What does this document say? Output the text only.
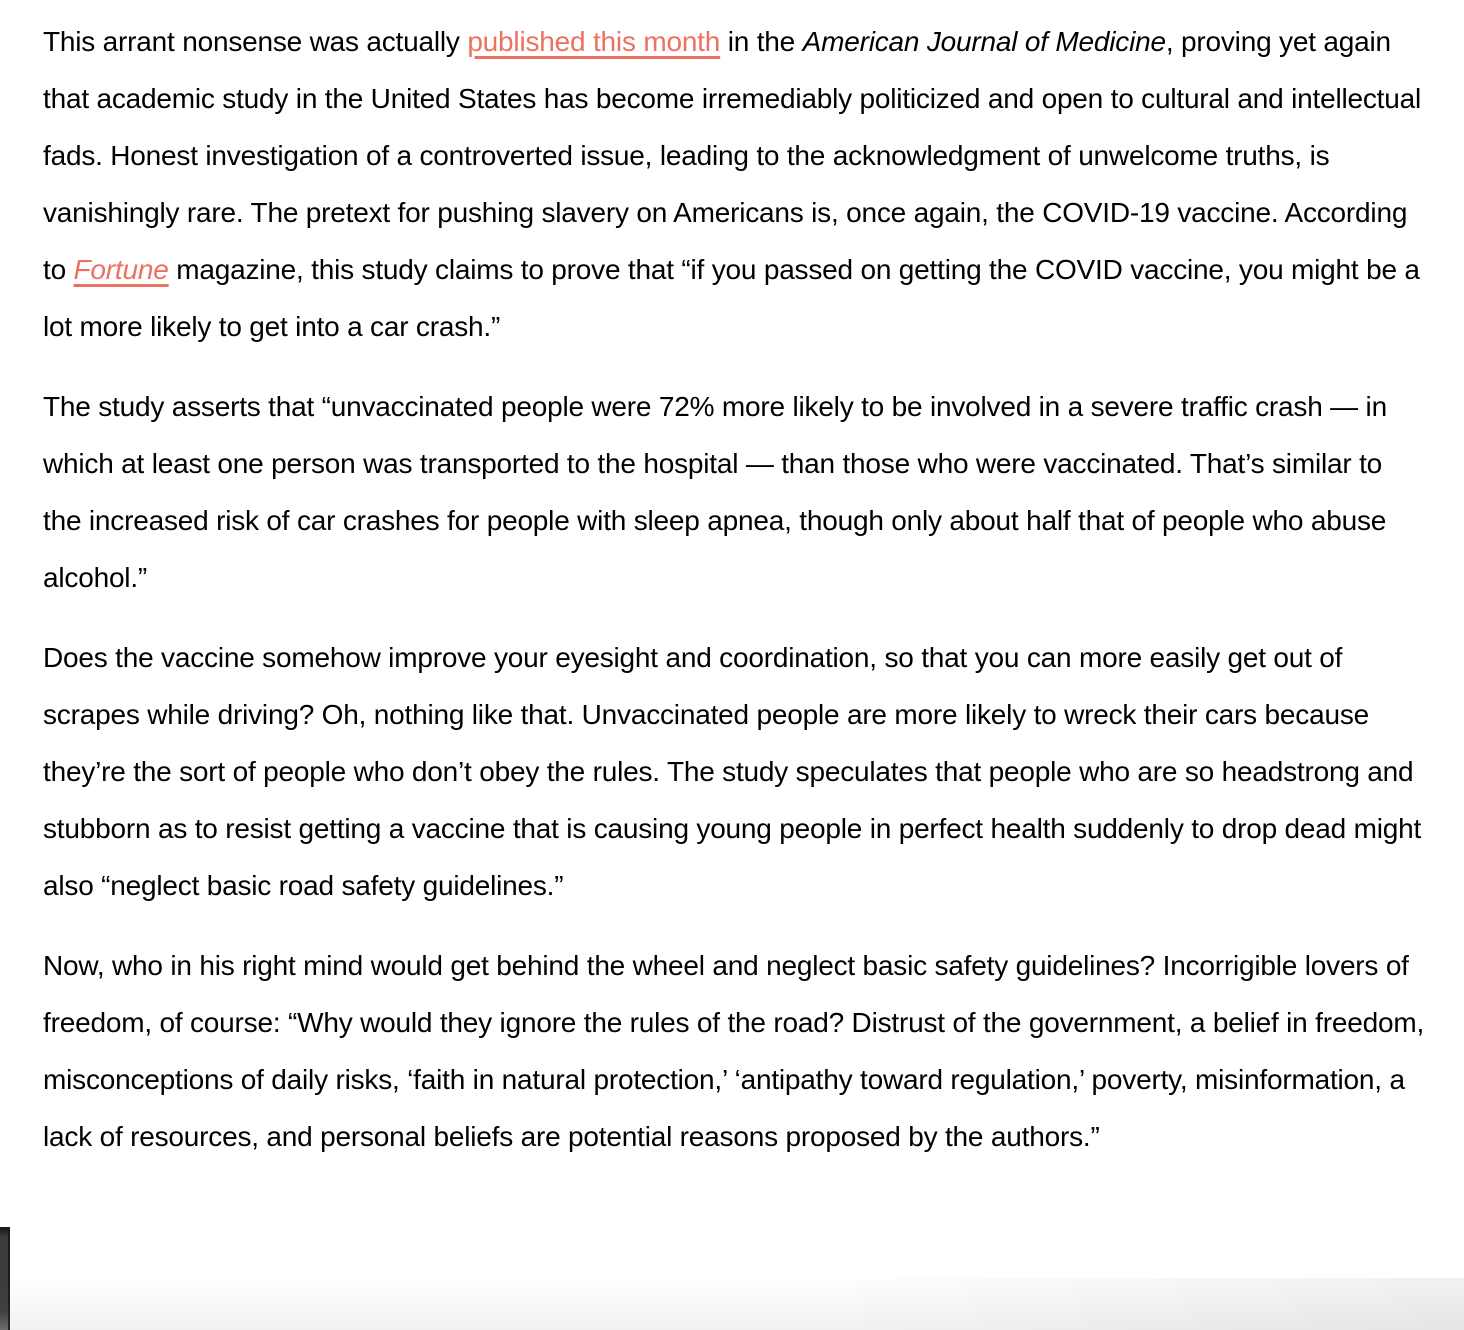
This arrant nonsense was actually published this month in the American Journal of Medicine, proving yet again that academic study in the United States has become irremediably politicized and open to cultural and intellectual fads. Honest investigation of a controverted issue, leading to the acknowledgment of unwelcome truths, is vanishingly rare. The pretext for pushing slavery on Americans is, once again, the COVID-19 vaccine. According to Fortune magazine, this study claims to prove that “if you passed on getting the COVID vaccine, you might be a lot more likely to get into a car crash.”

The study asserts that “unvaccinated people were 72% more likely to be involved in a severe traffic crash — in which at least one person was transported to the hospital — than those who were vaccinated. That’s similar to the increased risk of car crashes for people with sleep apnea, though only about half that of people who abuse alcohol.”

Does the vaccine somehow improve your eyesight and coordination, so that you can more easily get out of scrapes while driving? Oh, nothing like that. Unvaccinated people are more likely to wreck their cars because they’re the sort of people who don’t obey the rules. The study speculates that people who are so headstrong and stubborn as to resist getting a vaccine that is causing young people in perfect health suddenly to drop dead might also “neglect basic road safety guidelines.”

Now, who in his right mind would get behind the wheel and neglect basic safety guidelines? Incorrigible lovers of freedom, of course: “Why would they ignore the rules of the road? Distrust of the government, a belief in freedom, misconceptions of daily risks, ‘faith in natural protection,’ ‘antipathy toward regulation,’ poverty, misinformation, a lack of resources, and personal beliefs are potential reasons proposed by the authors.”
